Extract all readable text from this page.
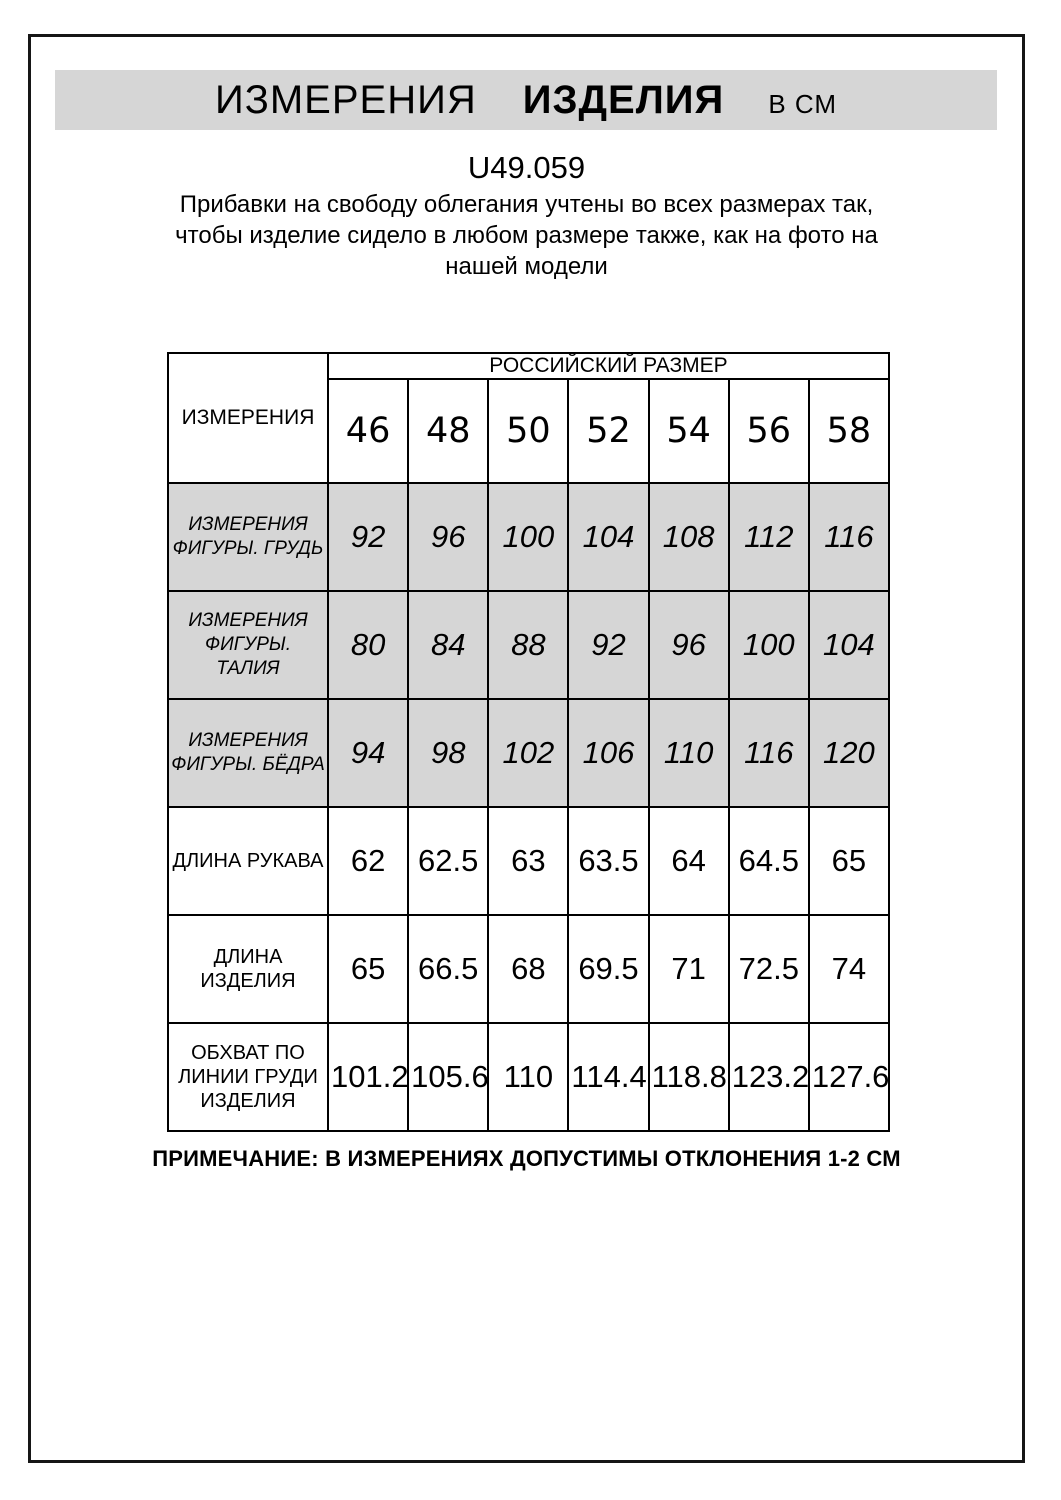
ИЗМЕРЕНИЯ ИЗДЕЛИЯ В СМ
U49.059
Прибавки на свободу облегания учтены во всех размерах так,
чтобы изделие сидело в любом размере также, как на фото на
нашей модели
ИЗМЕРЕНИЯ	РОССИЙСКИЙ РАЗМЕР						
	46	48	50	52	54	56	58
ИЗМЕРЕНИЯ ФИГУРЫ. ГРУДЬ	92	96	100	104	108	112	116
ИЗМЕРЕНИЯ ФИГУРЫ. ТАЛИЯ	80	84	88	92	96	100	104
ИЗМЕРЕНИЯ ФИГУРЫ. БЁДРА	94	98	102	106	110	116	120
ДЛИНА РУКАВА	62	62.5	63	63.5	64	64.5	65
ДЛИНА ИЗДЕЛИЯ	65	66.5	68	69.5	71	72.5	74
ОБХВАТ ПО ЛИНИИ ГРУДИ ИЗДЕЛИЯ	101.2	105.6	110	114.4	118.8	123.2	127.6
ПРИМЕЧАНИЕ: В ИЗМЕРЕНИЯХ ДОПУСТИМЫ ОТКЛОНЕНИЯ 1-2 СМ
